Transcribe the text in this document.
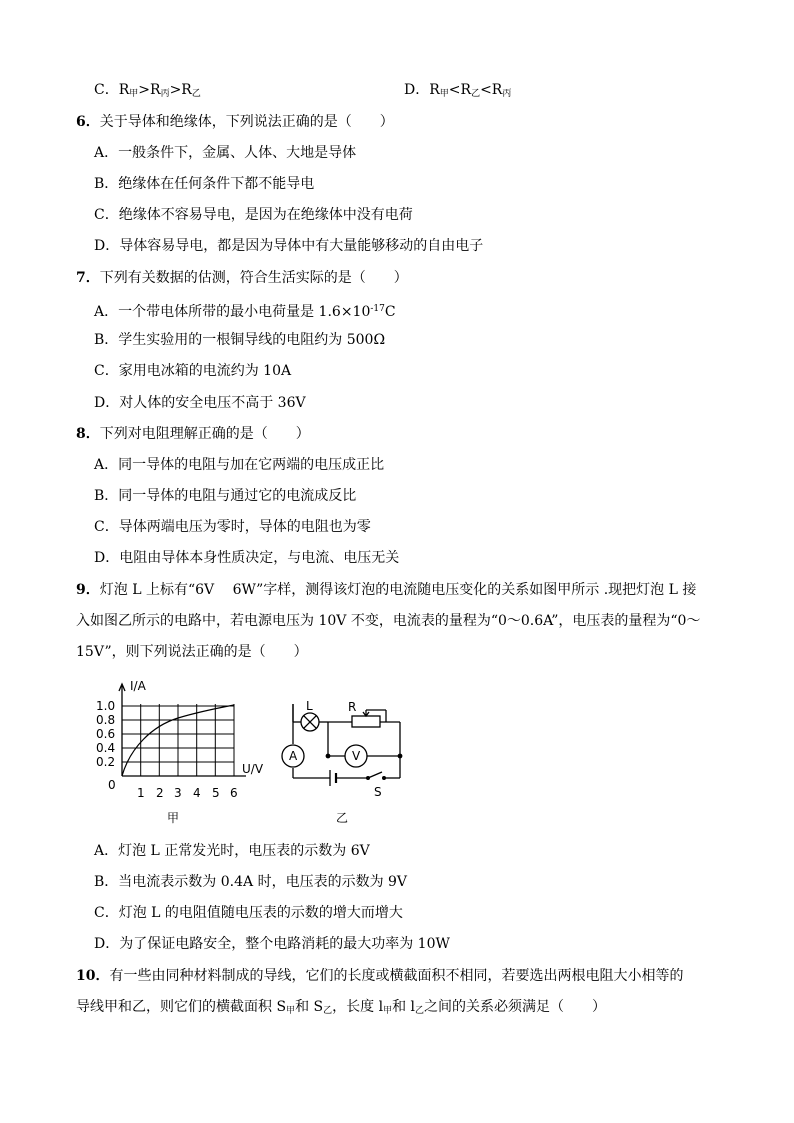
C．$R_甲>R_丙>R_乙$	D．$R_甲<R_乙<R_丙$
6．关于导体和绝缘体，下列说法正确的是（　　）
A．一般条件下，金属、人体、大地是导体
B．绝缘体在任何条件下都不能导电
C．绝缘体不容易导电，是因为在绝缘体中没有电荷
D．导体容易导电，都是因为导体中有大量能够移动的自由电子
7．下列有关数据的估测，符合生活实际的是（　　）
A．一个带电体所带的最小电荷量是 $1.6\times 10^{-17}C$
B．学生实验用的一根铜导线的电阻约为 500Ω
C．家用电冰箱的电流约为 10A
D．对人体的安全电压不高于 36V
8．下列对电阻理解正确的是（　　）
A．同一导体的电阻与加在它两端的电压成正比
B．同一导体的电阻与通过它的电流成反比
C．导体两端电压为零时，导体的电阻也为零
D．电阻由导体本身性质决定，与电流、电压无关
9．灯泡 L 上标有“6V　 6W”字样，测得该灯泡的电流随电压变化的关系如图甲所示 .现把灯泡 L 接
入如图乙所示的电路中，若电源电压为 10V 不变，电流表的量程为“0～0.6A”，电压表的量程为“0～
15V”，则下列说法正确的是（　　）
I/A
U/V
0
1.0
0.8
0.6
0.4
0.2
1 2 3 4 5 6
甲
L	R
A	V
S
乙
A．灯泡 L 正常发光时，电压表的示数为 6V
B．当电流表示数为 0.4A 时，电压表的示数为 9V
C．灯泡 L 的电阻值随电压表的示数的增大而增大
D．为了保证电路安全，整个电路消耗的最大功率为 10W
10．有一些由同种材料制成的导线，它们的长度或横截面积不相同，若要选出两根电阻大小相等的
导线甲和乙，则它们的横截面积 $S_甲$和 $S_乙$，长度 $l_甲$和 $l_乙$之间的关系必须满足（　　）
